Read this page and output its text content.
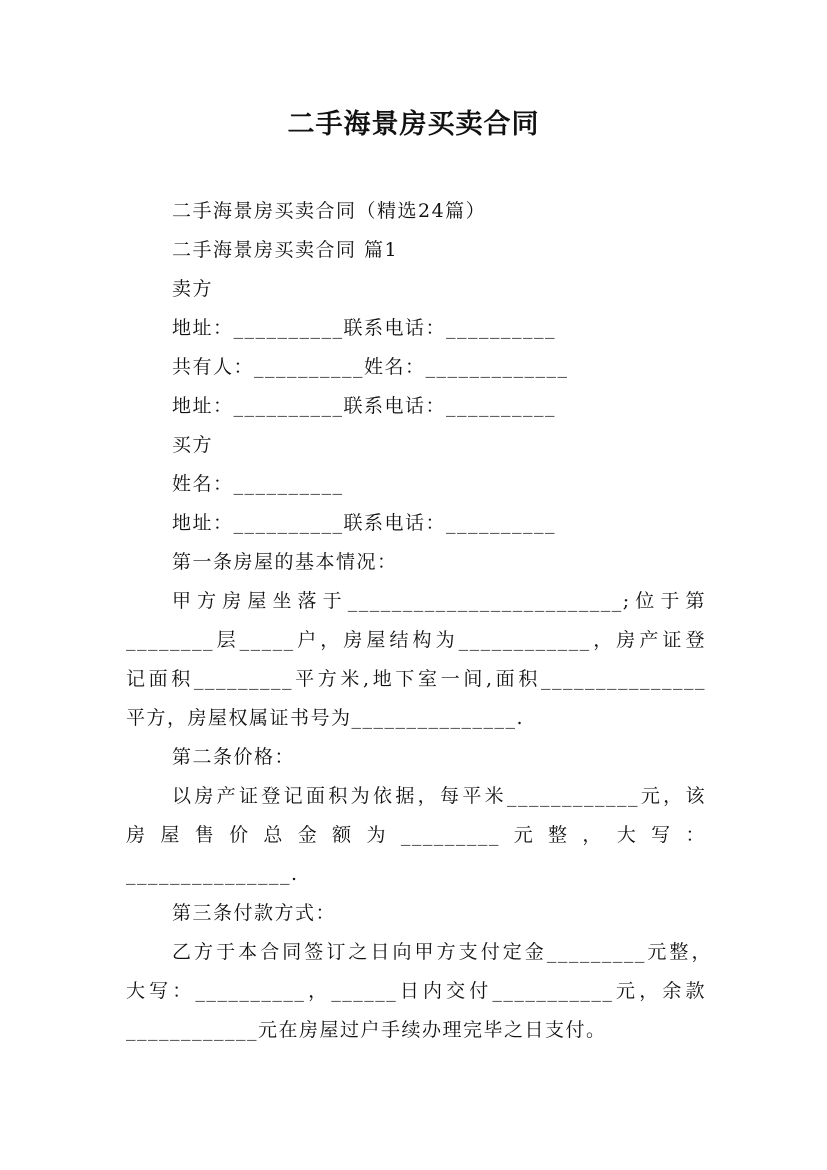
二手海景房买卖合同
二手海景房买卖合同（精选24篇）
二手海景房买卖合同 篇1
卖方
地址：__________联系电话：__________
共有人：__________姓名：_____________
地址：__________联系电话：__________
买方
姓名：__________
地址：__________联系电话：__________
第一条房屋的基本情况：
甲方房屋坐落于_________________________;位于第
________层_____户，房屋结构为____________，房产证登
记面积_________平方米,地下室一间,面积_______________
平方，房屋权属证书号为_______________.
第二条价格：
以房产证登记面积为依据，每平米____________元，该
房屋售价总金额为_________元整，大写：
_______________.
第三条付款方式：
乙方于本合同签订之日向甲方支付定金_________元整，
大写：__________，______日内交付___________元，余款
____________元在房屋过户手续办理完毕之日支付。
